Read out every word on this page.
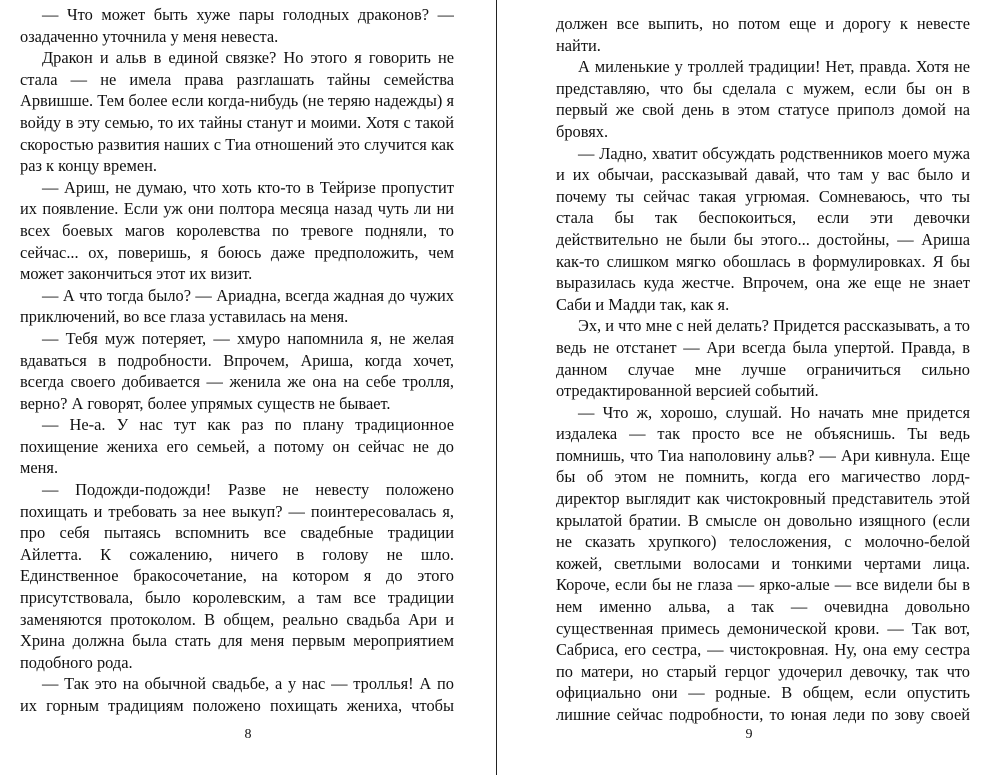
— Что может быть хуже пары голодных драконов? — озадаченно уточнила у меня невеста.

Дракон и альв в единой связке? Но этого я говорить не стала — не имела права разглашать тайны семейства Арвишше. Тем более если когда-нибудь (не теряю надежды) я войду в эту семью, то их тайны станут и моими. Хотя с такой скоростью развития наших с Тиа отношений это случится как раз к концу времен.

— Ариш, не думаю, что хоть кто-то в Тейризе пропустит их появление. Если уж они полтора месяца назад чуть ли ни всех боевых магов королевства по тревоге подняли, то сейчас... ох, поверишь, я боюсь даже предположить, чем может закончиться этот их визит.

— А что тогда было? — Ариадна, всегда жадная до чужих приключений, во все глаза уставилась на меня.

— Тебя муж потеряет, — хмуро напомнила я, не желая вдаваться в подробности. Впрочем, Ариша, когда хочет, всегда своего добивается — женила же она на себе тролля, верно? А говорят, более упрямых существ не бывает.

— Не-а. У нас тут как раз по плану традиционное похищение жениха его семьей, а потому он сейчас не до меня.

— Подожди-подожди! Разве не невесту положено похищать и требовать за нее выкуп? — поинтересовалась я, про себя пытаясь вспомнить все свадебные традиции Айлетта. К сожалению, ничего в голову не шло. Единственное бракосочетание, на котором я до этого присутствовала, было королевским, а там все традиции заменяются протоколом. В общем, реально свадьба Ари и Хрина должна была стать для меня первым мероприятием подобного рода.

— Так это на обычной свадьбе, а у нас — троллья! А по их горным традициям положено похищать жениха, чтобы

8

должен все выпить, но потом еще и дорогу к невесте найти.

А миленькие у троллей традиции! Нет, правда. Хотя не представляю, что бы сделала с мужем, если бы он в первый же свой день в этом статусе приполз домой на бровях.

— Ладно, хватит обсуждать родственников моего мужа и их обычаи, рассказывай давай, что там у вас было и почему ты сейчас такая угрюмая. Сомневаюсь, что ты стала бы так беспокоиться, если эти девочки действительно не были бы этого... достойны, — Ариша как-то слишком мягко обошлась в формулировках. Я бы выразилась куда жестче. Впрочем, она же еще не знает Саби и Мадди так, как я.

Эх, и что мне с ней делать? Придется рассказывать, а то ведь не отстанет — Ари всегда была упертой. Правда, в данном случае мне лучше ограничиться сильно отредактированной версией событий.

— Что ж, хорошо, слушай. Но начать мне придется издалека — так просто все не объяснишь. Ты ведь помнишь, что Тиа наполовину альв? — Ари кивнула. Еще бы об этом не помнить, когда его магичество лорд-директор выглядит как чистокровный представитель этой крылатой братии. В смысле он довольно изящного (если не сказать хрупкого) телосложения, с молочно-белой кожей, светлыми волосами и тонкими чертами лица. Короче, если бы не глаза — ярко-алые — все видели бы в нем именно альва, а так — очевидна довольно существенная примесь демонической крови. — Так вот, Сабриса, его сестра, — чистокровная. Ну, она ему сестра по матери, но старый герцог удочерил девочку, так что официально они — родные. В общем, если опустить лишние сейчас подробности, то юная леди по зову своей

9
